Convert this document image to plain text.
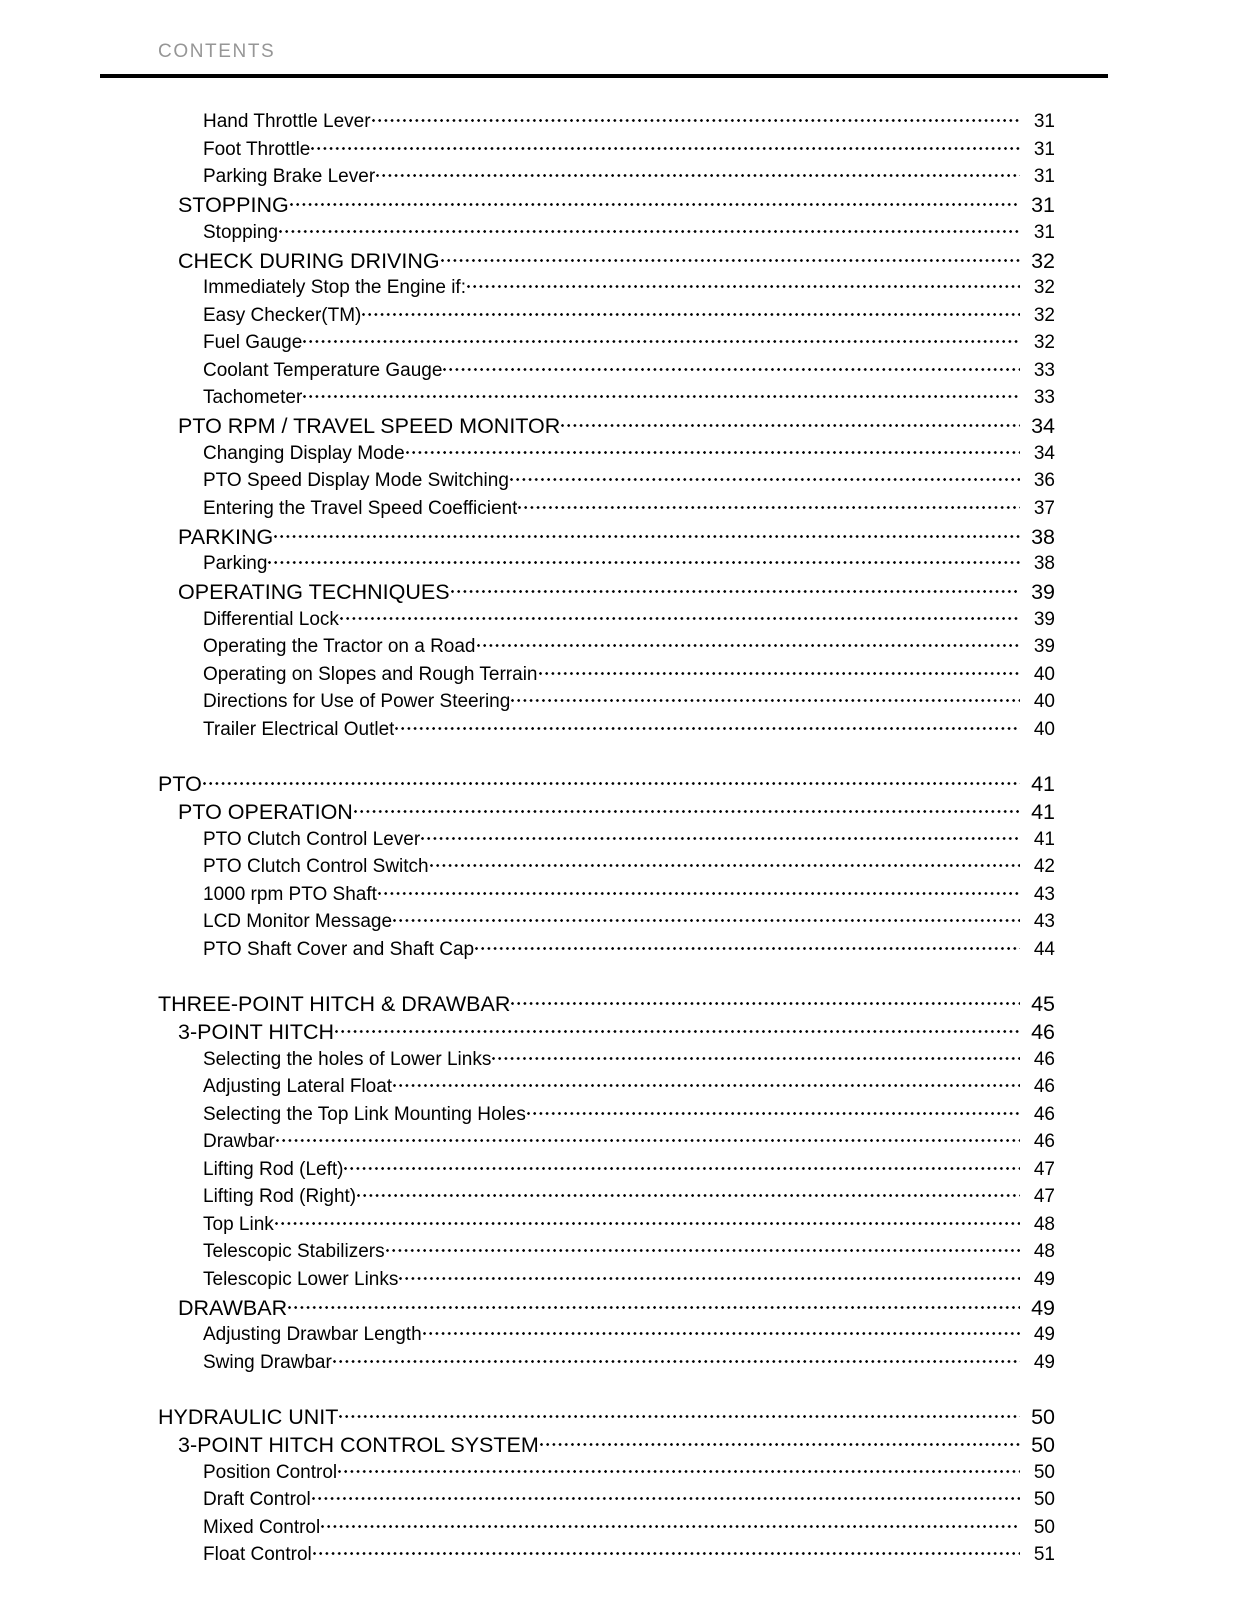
CONTENTS
Hand Throttle Lever	31
Foot Throttle	31
Parking Brake Lever	31
STOPPING	31
Stopping	31
CHECK DURING DRIVING	32
Immediately Stop the Engine if:	32
Easy Checker(TM)	32
Fuel Gauge	32
Coolant Temperature Gauge	33
Tachometer	33
PTO RPM / TRAVEL SPEED MONITOR	34
Changing Display Mode	34
PTO Speed Display Mode Switching	36
Entering the Travel Speed Coefficient	37
PARKING	38
Parking	38
OPERATING TECHNIQUES	39
Differential Lock	39
Operating the Tractor on a Road	39
Operating on Slopes and Rough Terrain	40
Directions for Use of Power Steering	40
Trailer Electrical Outlet	40
PTO	41
PTO OPERATION	41
PTO Clutch Control Lever	41
PTO Clutch Control Switch	42
1000 rpm PTO Shaft	43
LCD Monitor Message	43
PTO Shaft Cover and Shaft Cap	44
THREE-POINT HITCH & DRAWBAR	45
3-POINT HITCH	46
Selecting the holes of Lower Links	46
Adjusting Lateral Float	46
Selecting the Top Link Mounting Holes	46
Drawbar	46
Lifting Rod (Left)	47
Lifting Rod (Right)	47
Top Link	48
Telescopic Stabilizers	48
Telescopic Lower Links	49
DRAWBAR	49
Adjusting Drawbar Length	49
Swing Drawbar	49
HYDRAULIC UNIT	50
3-POINT HITCH CONTROL SYSTEM	50
Position Control	50
Draft Control	50
Mixed Control	50
Float Control	51
